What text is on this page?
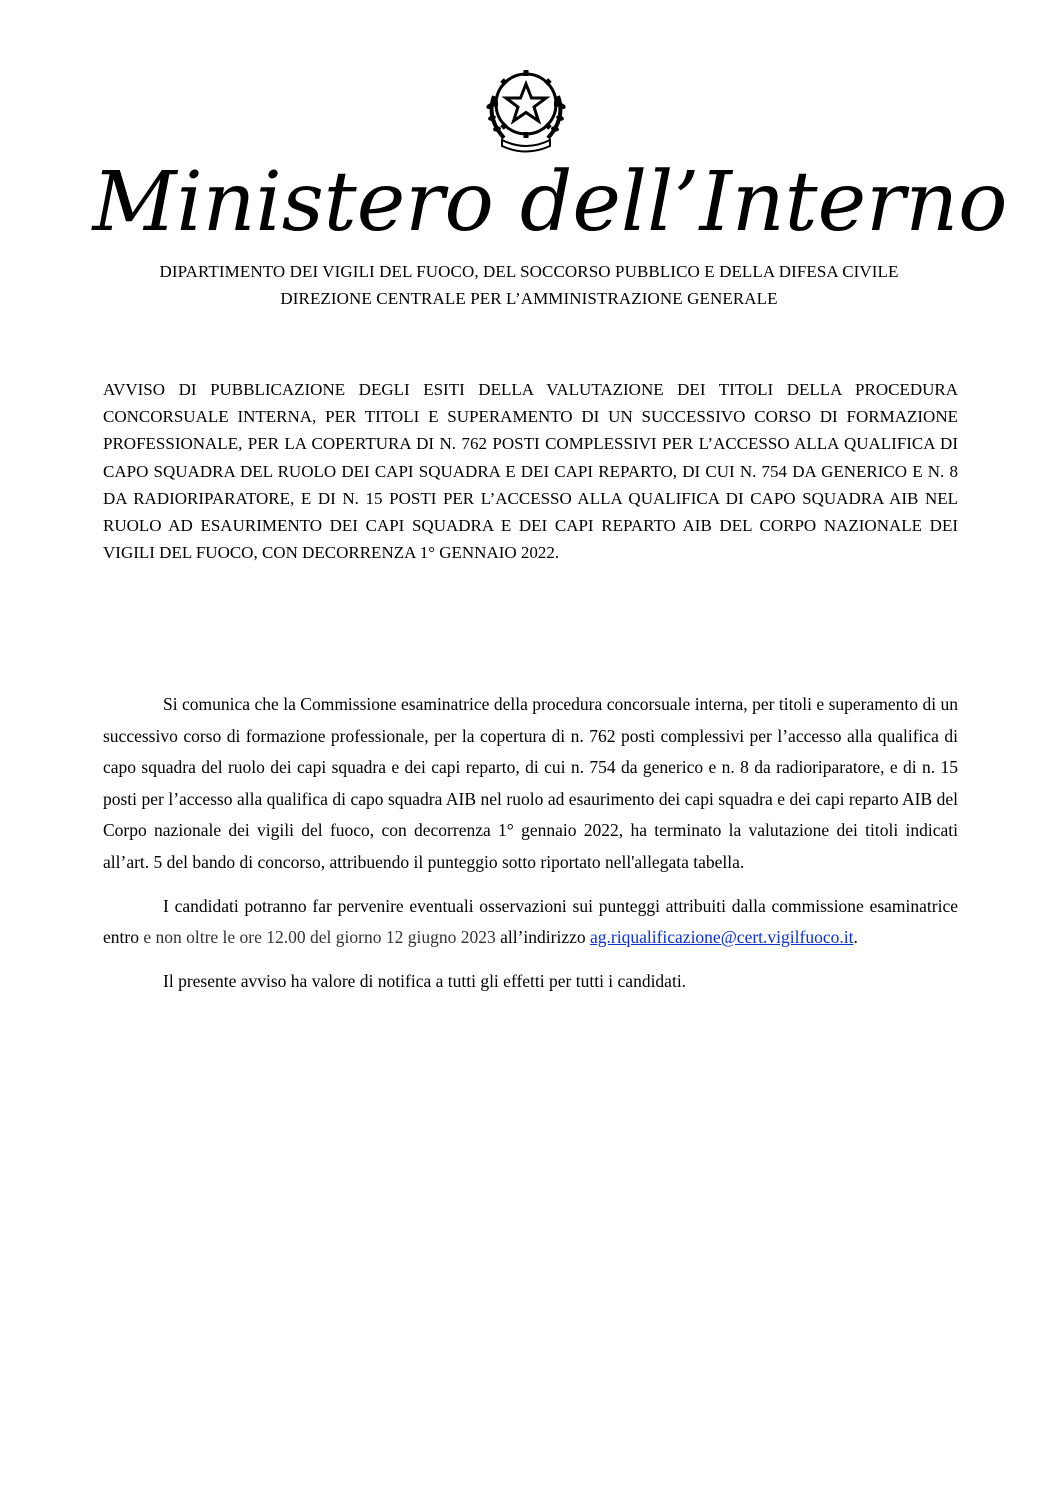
Ministero dell’Interno
DIPARTIMENTO DEI VIGILI DEL FUOCO, DEL SOCCORSO PUBBLICO E DELLA DIFESA CIVILE
DIREZIONE CENTRALE PER L’AMMINISTRAZIONE GENERALE
AVVISO DI PUBBLICAZIONE DEGLI ESITI DELLA VALUTAZIONE DEI TITOLI DELLA PROCEDURA CONCORSUALE INTERNA, PER TITOLI E SUPERAMENTO DI UN SUCCESSIVO CORSO DI FORMAZIONE PROFESSIONALE, PER LA COPERTURA DI N. 762 POSTI COMPLESSIVI PER L’ACCESSO ALLA QUALIFICA DI CAPO SQUADRA DEL RUOLO DEI CAPI SQUADRA E DEI CAPI REPARTO, DI CUI N. 754 DA GENERICO E N. 8 DA RADIORIPARATORE, E DI N. 15 POSTI PER L’ACCESSO ALLA QUALIFICA DI CAPO SQUADRA AIB NEL RUOLO AD ESAURIMENTO DEI CAPI SQUADRA E DEI CAPI REPARTO AIB DEL CORPO NAZIONALE DEI VIGILI DEL FUOCO, CON DECORRENZA 1° GENNAIO 2022.

Si comunica che la Commissione esaminatrice della procedura concorsuale interna, per titoli e superamento di un successivo corso di formazione professionale, per la copertura di n. 762 posti complessivi per l’accesso alla qualifica di capo squadra del ruolo dei capi squadra e dei capi reparto, di cui n. 754 da generico e n. 8 da radioriparatore, e di n. 15 posti per l’accesso alla qualifica di capo squadra AIB nel ruolo ad esaurimento dei capi squadra e dei capi reparto AIB del Corpo nazionale dei vigili del fuoco, con decorrenza 1° gennaio 2022, ha terminato la valutazione dei titoli indicati all’art. 5 del bando di concorso, attribuendo il punteggio sotto riportato nell'allegata tabella.

I candidati potranno far pervenire eventuali osservazioni sui punteggi attribuiti dalla commissione esaminatrice entro e non oltre le ore 12.00 del giorno 12 giugno 2023 all’indirizzo ag.riqualificazione@cert.vigilfuoco.it.

Il presente avviso ha valore di notifica a tutti gli effetti per tutti i candidati.
